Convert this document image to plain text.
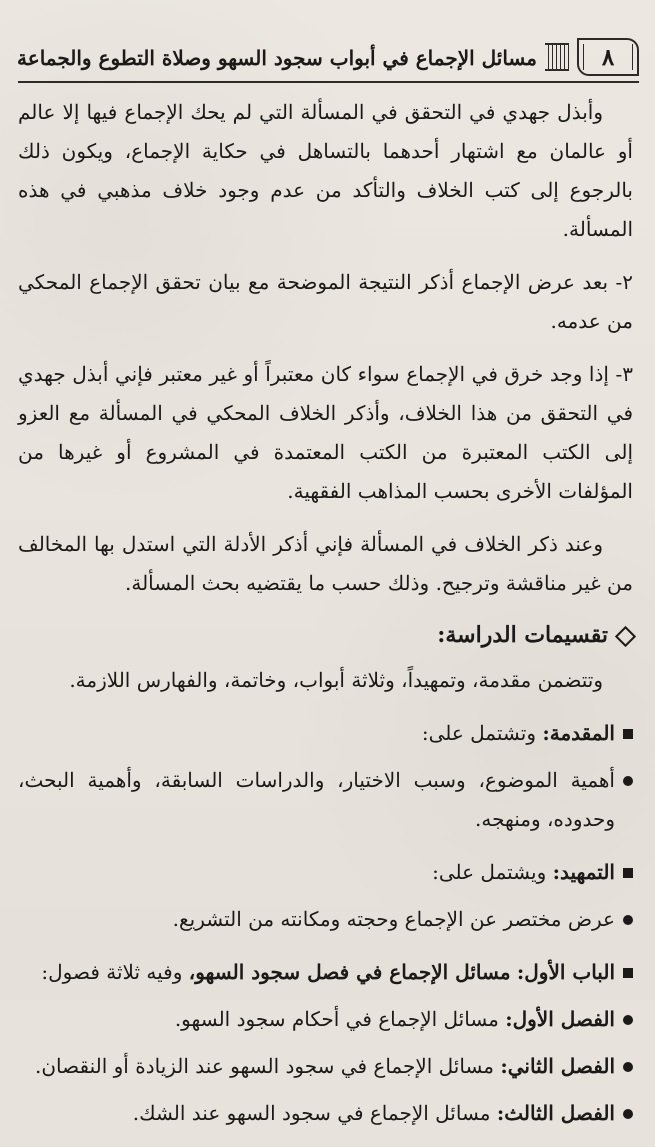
٨
مسائل الإجماع في أبواب سجود السهو وصلاة التطوع والجماعة

وأبذل جهدي في التحقق في المسألة التي لم يحك الإجماع فيها إلا عالم أو عالمان مع اشتهار أحدهما بالتساهل في حكاية الإجماع، ويكون ذلك بالرجوع إلى كتب الخلاف والتأكد من عدم وجود خلاف مذهبي في هذه المسألة.

٢- بعد عرض الإجماع أذكر النتيجة الموضحة مع بيان تحقق الإجماع المحكي من عدمه.

٣- إذا وجد خرق في الإجماع سواء كان معتبراً أو غير معتبر فإني أبذل جهدي في التحقق من هذا الخلاف، وأذكر الخلاف المحكي في المسألة مع العزو إلى الكتب المعتبرة من الكتب المعتمدة في المشروع أو غيرها من المؤلفات الأخرى بحسب المذاهب الفقهية.

وعند ذكر الخلاف في المسألة فإني أذكر الأدلة التي استدل بها المخالف من غير مناقشة وترجيح. وذلك حسب ما يقتضيه بحث المسألة.

تقسيمات الدراسة:

وتتضمن مقدمة، وتمهيداً، وثلاثة أبواب، وخاتمة، والفهارس اللازمة.

المقدمة: وتشتمل على:
أهمية الموضوع، وسبب الاختيار، والدراسات السابقة، وأهمية البحث، وحدوده، ومنهجه.
التمهيد: ويشتمل على:
عرض مختصر عن الإجماع وحجته ومكانته من التشريع.
الباب الأول: مسائل الإجماع في فصل سجود السهو، وفيه ثلاثة فصول:
الفصل الأول: مسائل الإجماع في أحكام سجود السهو.
الفصل الثاني: مسائل الإجماع في سجود السهو عند الزيادة أو النقصان.
الفصل الثالث: مسائل الإجماع في سجود السهو عند الشك.
